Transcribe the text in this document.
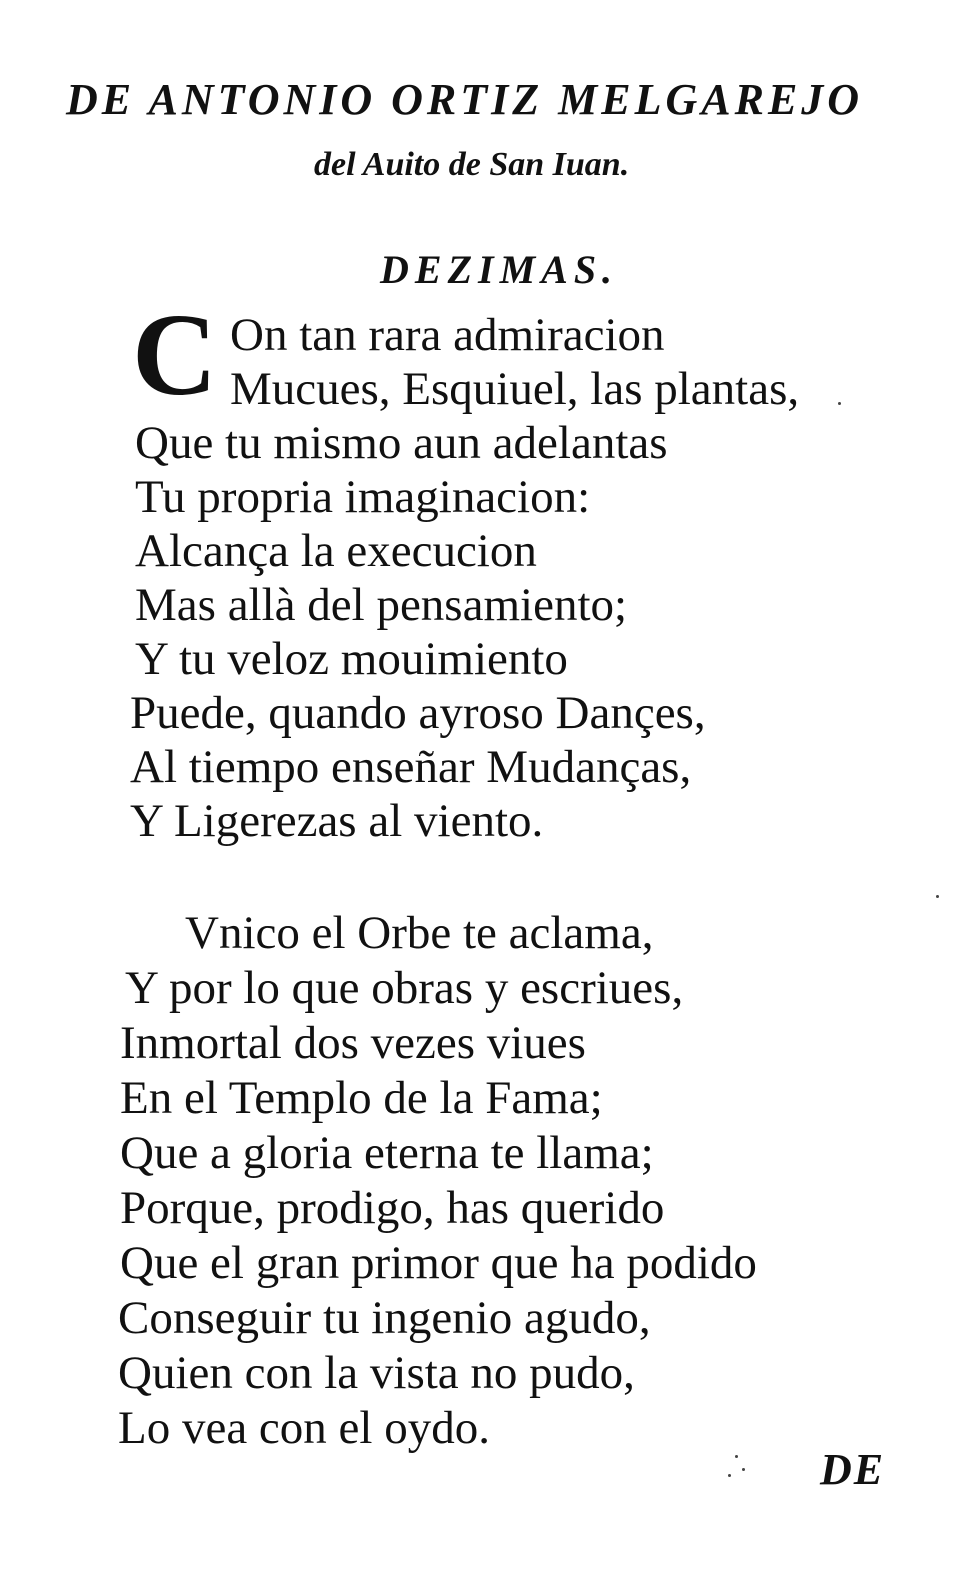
DE ANTONIO ORTIZ MELGAREJO
del Auito de San Iuan.
DEZIMAS.
C On tan rara admiracion
Mucues, Esquiuel, las plantas,
Que tu mismo aun adelantas
Tu propria imaginacion:
Alcança la execucion
Mas allà del pensamiento;
Y tu veloz mouimiento
Puede, quando ayroso Dançes,
Al tiempo enseñar Mudanças,
Y Ligerezas al viento.
Vnico el Orbe te aclama,
Y por lo que obras y escriues,
Inmortal dos vezes viues
En el Templo de la Fama;
Que a gloria eterna te llama;
Porque, prodigo, has querido
Que el gran primor que ha podido
Conseguir tu ingenio agudo,
Quien con la vista no pudo,
Lo vea con el oydo.
DE
